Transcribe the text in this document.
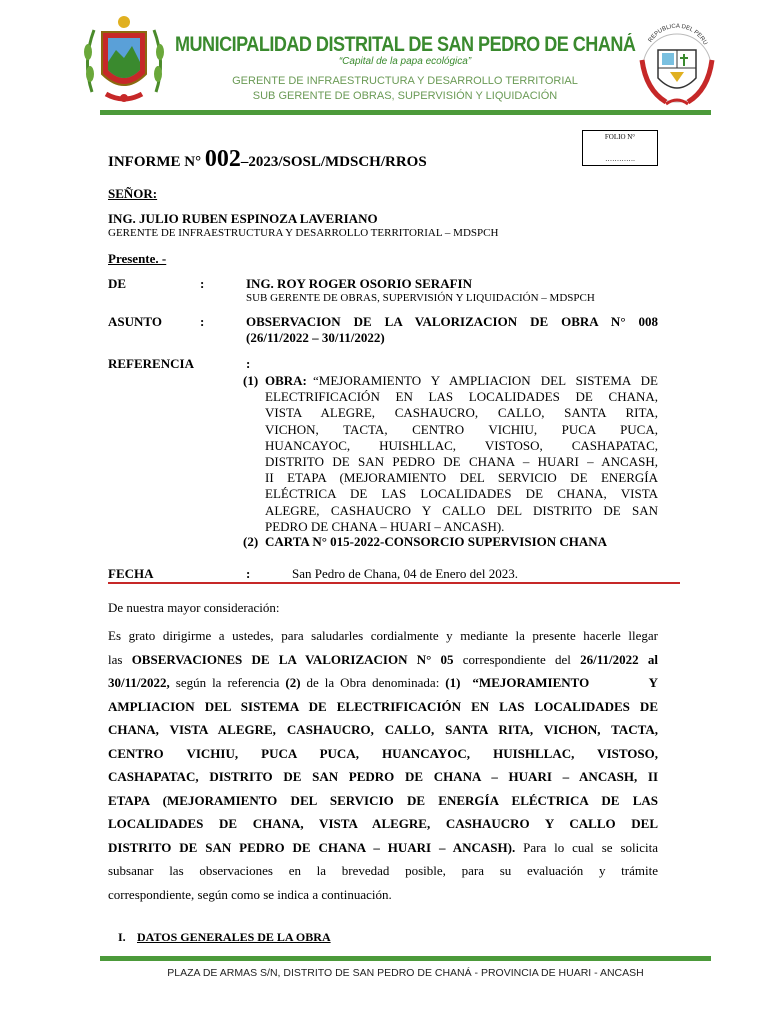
REPUBLICA DEL PERU
MUNICIPALIDAD DISTRITAL DE SAN PEDRO DE CHANÁ
“Capital de la papa ecológica”
GERENTE DE INFRAESTRUCTURA Y DESARROLLO TERRITORIAL
SUB GERENTE DE OBRAS, SUPERVISIÓN Y LIQUIDACIÓN
FOLIO N°
………….
INFORME N° 002–2023/SOSL/MDSCH/RROS
SEÑOR:
ING. JULIO RUBEN ESPINOZA LAVERIANO
GERENTE DE INFRAESTRUCTURA Y DESARROLLO TERRITORIAL – MDSPCH
Presente. -
DE	:	ING. ROY ROGER OSORIO SERAFIN
SUB GERENTE DE OBRAS, SUPERVISIÓN Y LIQUIDACIÓN – MDSPCH
ASUNTO	:	OBSERVACION DE LA VALORIZACION DE OBRA N° 008
(26/11/2022 – 30/11/2022)
REFERENCIA	:
(1) OBRA: “MEJORAMIENTO Y AMPLIACION DEL SISTEMA DE
ELECTRIFICACIÓN EN LAS LOCALIDADES DE CHANA,
VISTA ALEGRE, CASHAUCRO, CALLO, SANTA RITA,
VICHON, TACTA, CENTRO VICHIU, PUCA PUCA,
HUANCAYOC, HUISHLLAC, VISTOSO, CASHAPATAC,
DISTRITO DE SAN PEDRO DE CHANA – HUARI – ANCASH,
II ETAPA (MEJORAMIENTO DEL SERVICIO DE ENERGÍA
ELÉCTRICA DE LAS LOCALIDADES DE CHANA, VISTA
ALEGRE, CASHAUCRO Y CALLO DEL DISTRITO DE SAN
PEDRO DE CHANA – HUARI – ANCASH).
(2) CARTA N° 015-2022-CONSORCIO SUPERVISION CHANA
FECHA	:	San Pedro de Chana, 04 de Enero del 2023.
De nuestra mayor consideración:
Es grato dirigirme a ustedes, para saludarles cordialmente y mediante la presente hacerle llegar
las OBSERVACIONES DE LA VALORIZACION N° 05 correspondiente del 26/11/2022 al
30/11/2022, según la referencia (2) de la Obra denominada: (1)  “MEJORAMIENTO          Y
AMPLIACION DEL SISTEMA DE ELECTRIFICACIÓN EN LAS LOCALIDADES DE
CHANA, VISTA ALEGRE, CASHAUCRO, CALLO, SANTA RITA, VICHON, TACTA,
CENTRO VICHIU, PUCA PUCA, HUANCAYOC, HUISHLLAC, VISTOSO,
CASHAPATAC, DISTRITO DE SAN PEDRO DE CHANA – HUARI – ANCASH, II
ETAPA (MEJORAMIENTO DEL SERVICIO DE ENERGÍA ELÉCTRICA DE LAS
LOCALIDADES DE CHANA, VISTA ALEGRE, CASHAUCRO Y CALLO DEL
DISTRITO DE SAN PEDRO DE CHANA – HUARI – ANCASH). Para lo cual se solicita
subsanar las observaciones en la brevedad posible, para su evaluación y trámite
correspondiente, según como se indica a continuación.
I. DATOS GENERALES DE LA OBRA
PLAZA DE ARMAS S/N, DISTRITO DE SAN PEDRO DE CHANÁ - PROVINCIA DE HUARI - ANCASH
